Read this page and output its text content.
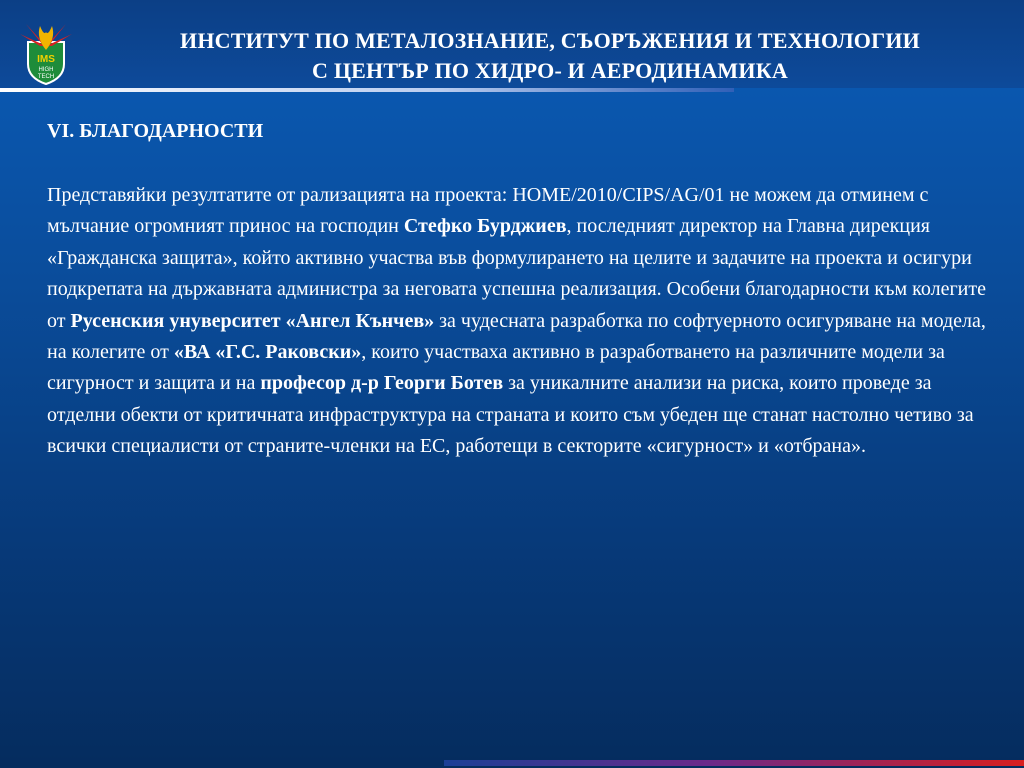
IMS
HIGH
TECH
ИНСТИТУТ ПО МЕТАЛОЗНАНИЕ, СЪОРЪЖЕНИЯ И ТЕХНОЛОГИИ
С ЦЕНТЪР ПО ХИДРО- И АЕРОДИНАМИКА
VI. БЛАГОДАРНОСТИ
Представяйки резултатите от рализацията на проекта: HOME/2010/CIPS/AG/01 не можем да отминем с мълчание огромният принос на господин Стефко Бурджиев, последният директор на Главна дирекция «Гражданска защита», който активно участва във формулирането на целите и задачите на проекта и осигури подкрепата на държавната администра за неговата успешна реализация. Особени благодарности към колегите от Русенския унуверситет «Ангел Кънчев» за чудесната разработка по софтуерното осигуряване на модела, на колегите от «ВА «Г.С. Раковски», които участваха активно в разработването на различните модели за сигурност и защита и на професор д-р Георги Ботев за уникалните анализи на риска, които проведе за отделни обекти от критичната инфраструктура на страната и които съм убеден ще станат настолно четиво за всички специалисти от страните-членки на ЕС, работещи в секторите «сигурност» и «отбрана».
